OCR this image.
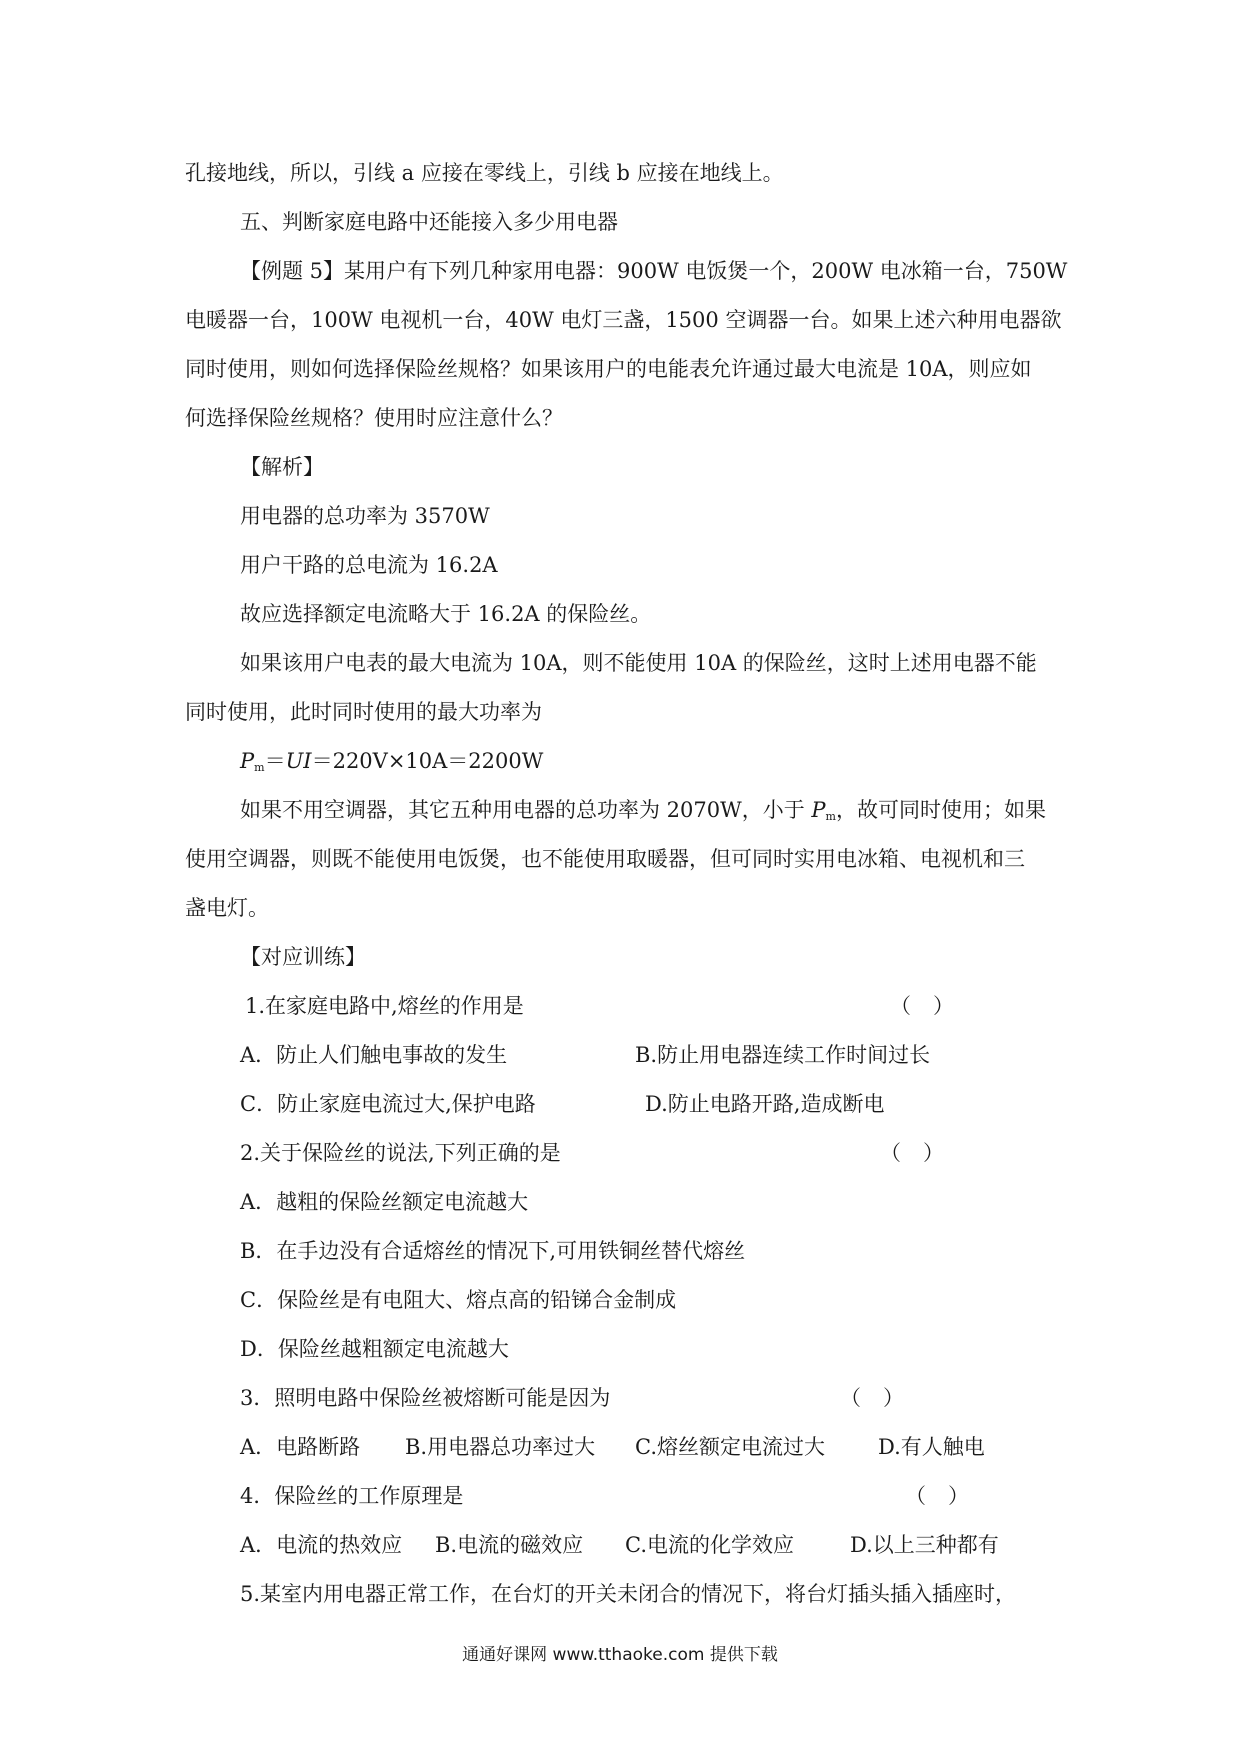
孔接地线，所以，引线 a 应接在零线上，引线 b 应接在地线上。
五、判断家庭电路中还能接入多少用电器
【例题 5】某用户有下列几种家用电器：900W 电饭煲一个，200W 电冰箱一台，750W
电暖器一台，100W 电视机一台，40W 电灯三盏，1500 空调器一台。如果上述六种用电器欲
同时使用，则如何选择保险丝规格？如果该用户的电能表允许通过最大电流是 10A，则应如
何选择保险丝规格？使用时应注意什么？
【解析】
用电器的总功率为 3570W
用户干路的总电流为 16.2A
故应选择额定电流略大于 16.2A 的保险丝。
如果该用户电表的最大电流为 10A，则不能使用 10A 的保险丝，这时上述用电器不能
同时使用，此时同时使用的最大功率为
$P_m=UI=220V\times 10A=2200W$
如果不用空调器，其它五种用电器的总功率为 2070W，小于 $P_m$，故可同时使用；如果
使用空调器，则既不能使用电饭煲，也不能使用取暖器，但可同时实用电冰箱、电视机和三
盏电灯。
【对应训练】
1.在家庭电路中,熔丝的作用是	（）
A．防止人们触电事故的发生	B.防止用电器连续工作时间过长
C．防止家庭电流过大,保护电路	D.防止电路开路,造成断电
2.关于保险丝的说法,下列正确的是	（）
A．越粗的保险丝额定电流越大
B．在手边没有合适熔丝的情况下,可用铁铜丝替代熔丝
C．保险丝是有电阻大、熔点高的铅锑合金制成
D．保险丝越粗额定电流越大
3．照明电路中保险丝被熔断可能是因为	（）
A．电路断路 B.用电器总功率过大 C.熔丝额定电流过大	D.有人触电
4．保险丝的工作原理是	（）
A．电流的热效应 B.电流的磁效应 C.电流的化学效应	D.以上三种都有
5.某室内用电器正常工作，在台灯的开关未闭合的情况下，将台灯插头插入插座时，
通通好课网 www.tthaoke.com 提供下载
